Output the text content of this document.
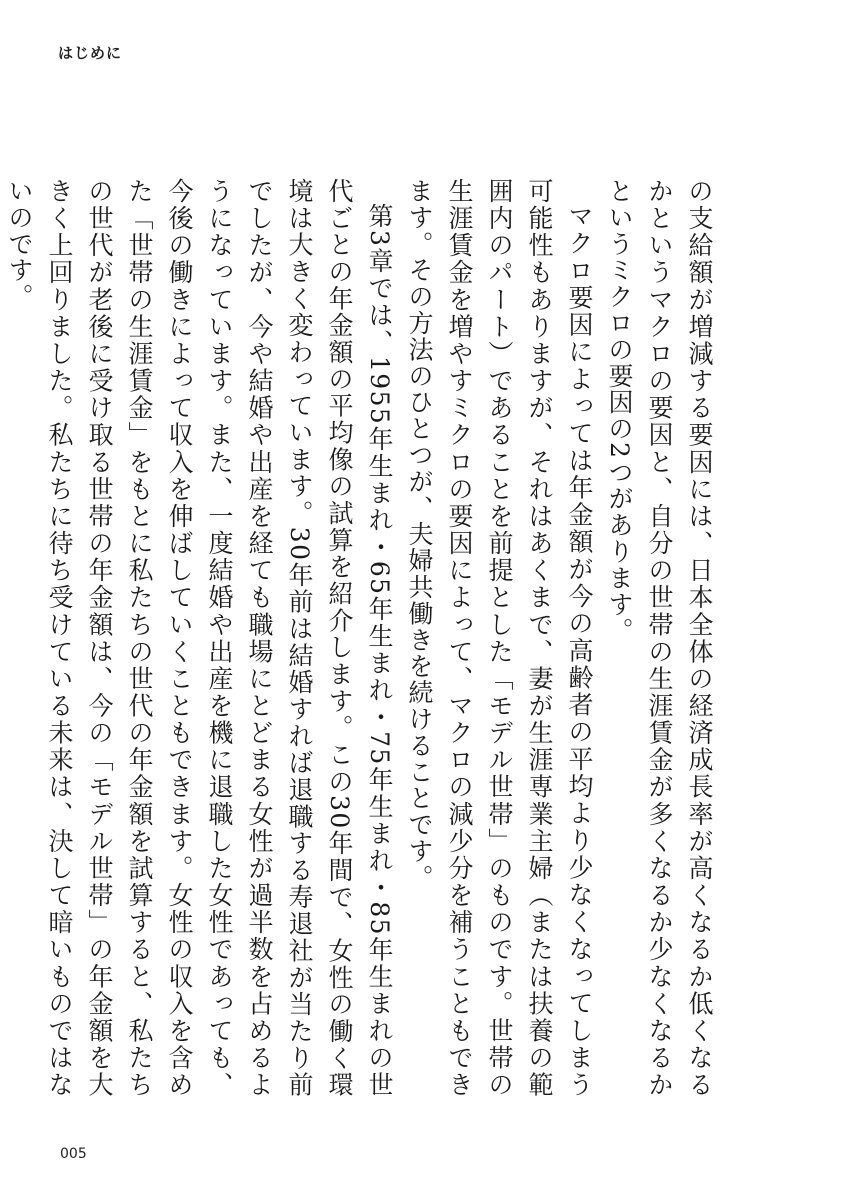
はじめに

の支給額が増減する要因には、日本全体の経済成長率が高くなるか低くなるかというマクロの要因と、自分の世帯の生涯賃金が多くなるか少なくなるかというミクロの要因の2つがあります。

マクロ要因によっては年金額が今の高齢者の平均より少なくなってしまう可能性もありますが、それはあくまで、妻が生涯専業主婦（または扶養の範囲内のパート）であることを前提とした「モデル世帯」のものです。世帯の生涯賃金を増やすミクロの要因によって、マクロの減少分を補うこともできます。その方法のひとつが、夫婦共働きを続けることです。

第3章では、1955年生まれ・65年生まれ・75年生まれ・85年生まれの世代ごとの年金額の平均像の試算を紹介します。この30年間で、女性の働く環境は大きく変わっています。30年前は結婚すれば退職する寿退社が当たり前でしたが、今や結婚や出産を経ても職場にとどまる女性が過半数を占めるようになっています。また、一度結婚や出産を機に退職した女性であっても、今後の働きによって収入を伸ばしていくこともできます。女性の収入を含めた「世帯の生涯賃金」をもとに私たちの世代の年金額を試算すると、私たちの世代が老後に受け取る世帯の年金額は、今の「モデル世帯」の年金額を大きく上回りました。私たちに待ち受けている未来は、決して暗いものではないのです。

005
